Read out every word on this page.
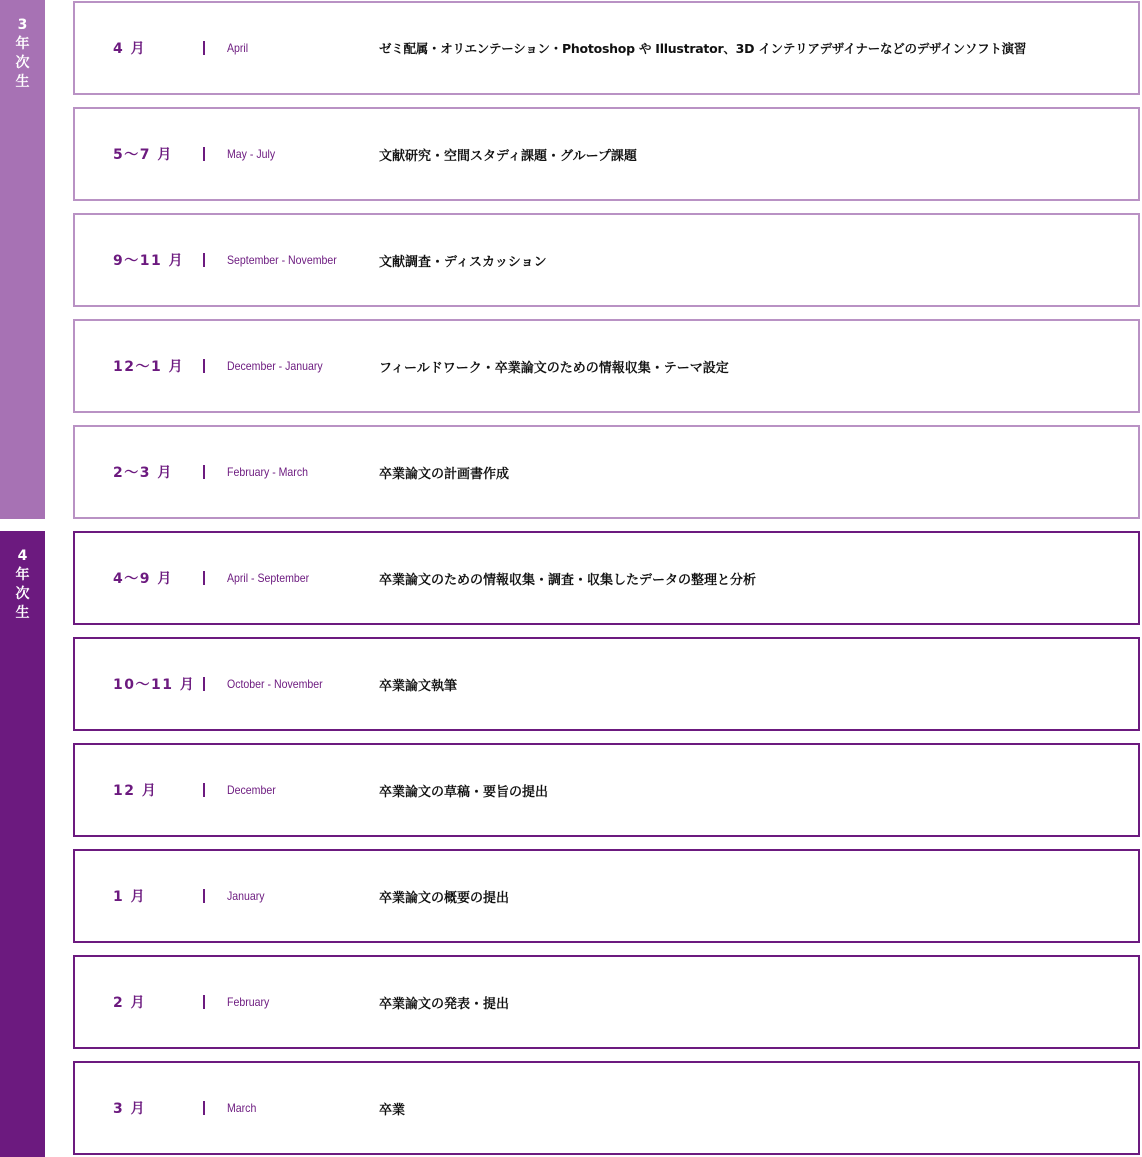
3年次生
4 月	April	ゼミ配属・オリエンテーション・Photoshop や Illustrator、3D インテリアデザイナーなどのデザインソフト演習
5〜7 月	May - July	文献研究・空間スタディ課題・グループ課題
9〜11 月	September - November	文献調査・ディスカッション
12〜1 月	December - January	フィールドワーク・卒業論文のための情報収集・テーマ設定
2〜3 月	February - March	卒業論文の計画書作成
4年次生
4〜9 月	April - September	卒業論文のための情報収集・調査・収集したデータの整理と分析
10〜11 月	October - November	卒業論文執筆
12 月	December	卒業論文の草稿・要旨の提出
1 月	January	卒業論文の概要の提出
2 月	February	卒業論文の発表・提出
3 月	March	卒業
